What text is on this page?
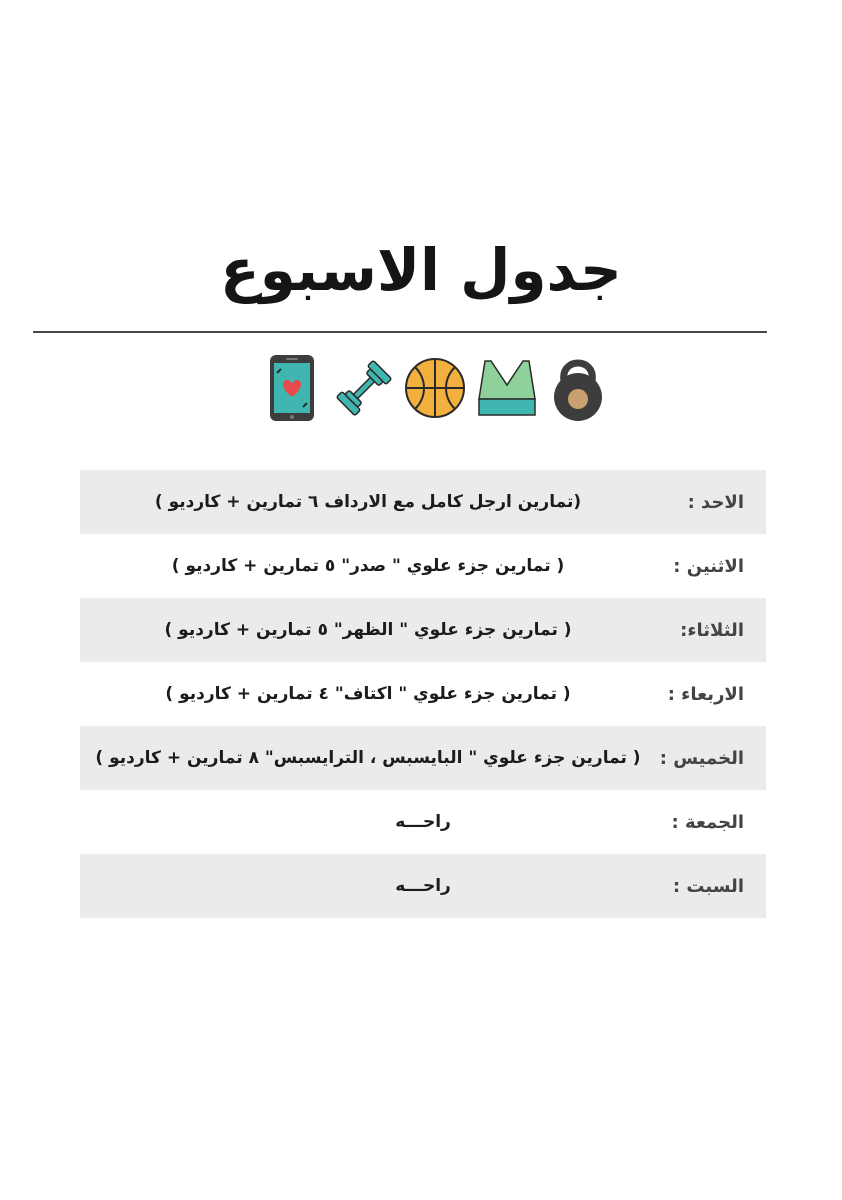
جدول الاسبوع
الاحد :
(تمارين ارجل كامل مع الارداف ٦ تمارين + كارديو )
الاثنين :
( تمارين جزء علوي " صدر" ٥ تمارين + كارديو )
الثلاثاء:
( تمارين جزء علوي " الظهر" ٥ تمارين + كارديو )
الاربعاء :
( تمارين جزء علوي " اكتاف" ٤ تمارين + كارديو )
الخميس :
( تمارين جزء علوي " البايسبس ، الترايسبس" ٨ تمارين + كارديو )
الجمعة :
راحـــه
السبت :
راحـــه
